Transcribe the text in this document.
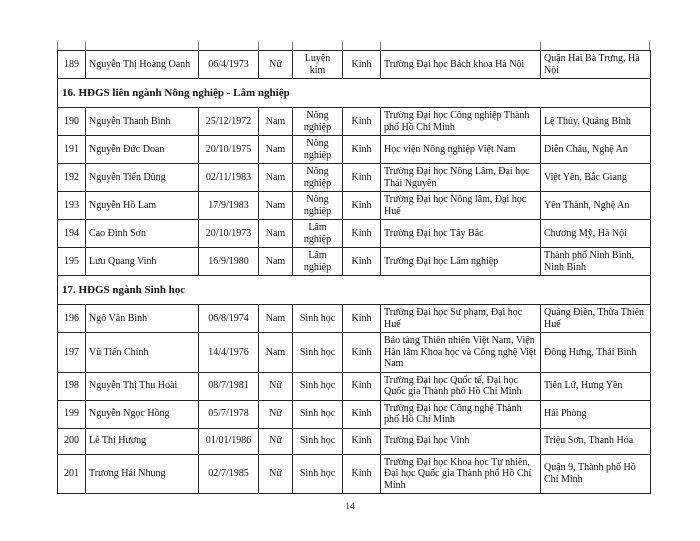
189	Nguyễn Thị Hoàng Oanh	06/4/1973	Nữ	Luyện kim	Kinh	Trường Đại học Bách khoa Hà Nội	Quận Hai Bà Trưng, Hà Nội
16. HĐGS liên ngành Nông nghiệp - Lâm nghiệp							
190	Nguyễn Thanh Bình	25/12/1972	Nam	Nông nghiệp	Kinh	Trường Đại học Công nghiệp Thành phố Hồ Chí Minh	Lệ Thủy, Quảng Bình
191	Nguyễn Đức Doan	20/10/1975	Nam	Nông nghiệp	Kinh	Học viện Nông nghiệp Việt Nam	Diễn Châu, Nghệ An
192	Nguyễn Tiến Dũng	02/11/1983	Nam	Nông nghiệp	Kinh	Trường Đại học Nông Lâm, Đại học Thái Nguyên	Việt Yên, Bắc Giang
193	Nguyễn Hồ Lam	17/9/1983	Nam	Nông nghiệp	Kinh	Trường Đại học Nông lâm, Đại học Huế	Yên Thành, Nghệ An
194	Cao Đình Sơn	20/10/1973	Nam	Lâm nghiệp	Kinh	Trường Đại học Tây Bắc	Chương Mỹ, Hà Nội
195	Lưu Quang Vinh	16/9/1980	Nam	Lâm nghiệp	Kinh	Trường Đại học Lâm nghiệp	Thành phố Ninh Bình, Ninh Bình
17. HĐGS ngành Sinh học							
196	Ngô Văn Bình	06/8/1974	Nam	Sinh học	Kinh	Trường Đại học Sư phạm, Đại học Huế	Quảng Điền, Thừa Thiên Huế
197	Vũ Tiến Chính	14/4/1976	Nam	Sinh học	Kinh	Bảo tàng Thiên nhiên Việt Nam, Viện Hàn lâm Khoa học và Công nghệ Việt Nam	Đông Hưng, Thái Bình
198	Nguyễn Thị Thu Hoài	08/7/1981	Nữ	Sinh học	Kinh	Trường Đại học Quốc tế, Đại học Quốc gia Thành phố Hồ Chí Minh	Tiên Lữ, Hưng Yên
199	Nguyễn Ngọc Hồng	05/7/1978	Nữ	Sinh học	Kinh	Trường Đại học Công nghệ Thành phố Hồ Chí Minh	Hải Phòng
200	Lê Thị Hương	01/01/1986	Nữ	Sinh học	Kinh	Trường Đại học Vinh	Triệu Sơn, Thanh Hóa
201	Trương Hải Nhung	02/7/1985	Nữ	Sinh học	Kinh	Trường Đại học Khoa học Tự nhiên, Đại học Quốc gia Thành phố Hồ Chí Minh	Quận 9, Thành phố Hồ Chí Minh
14
